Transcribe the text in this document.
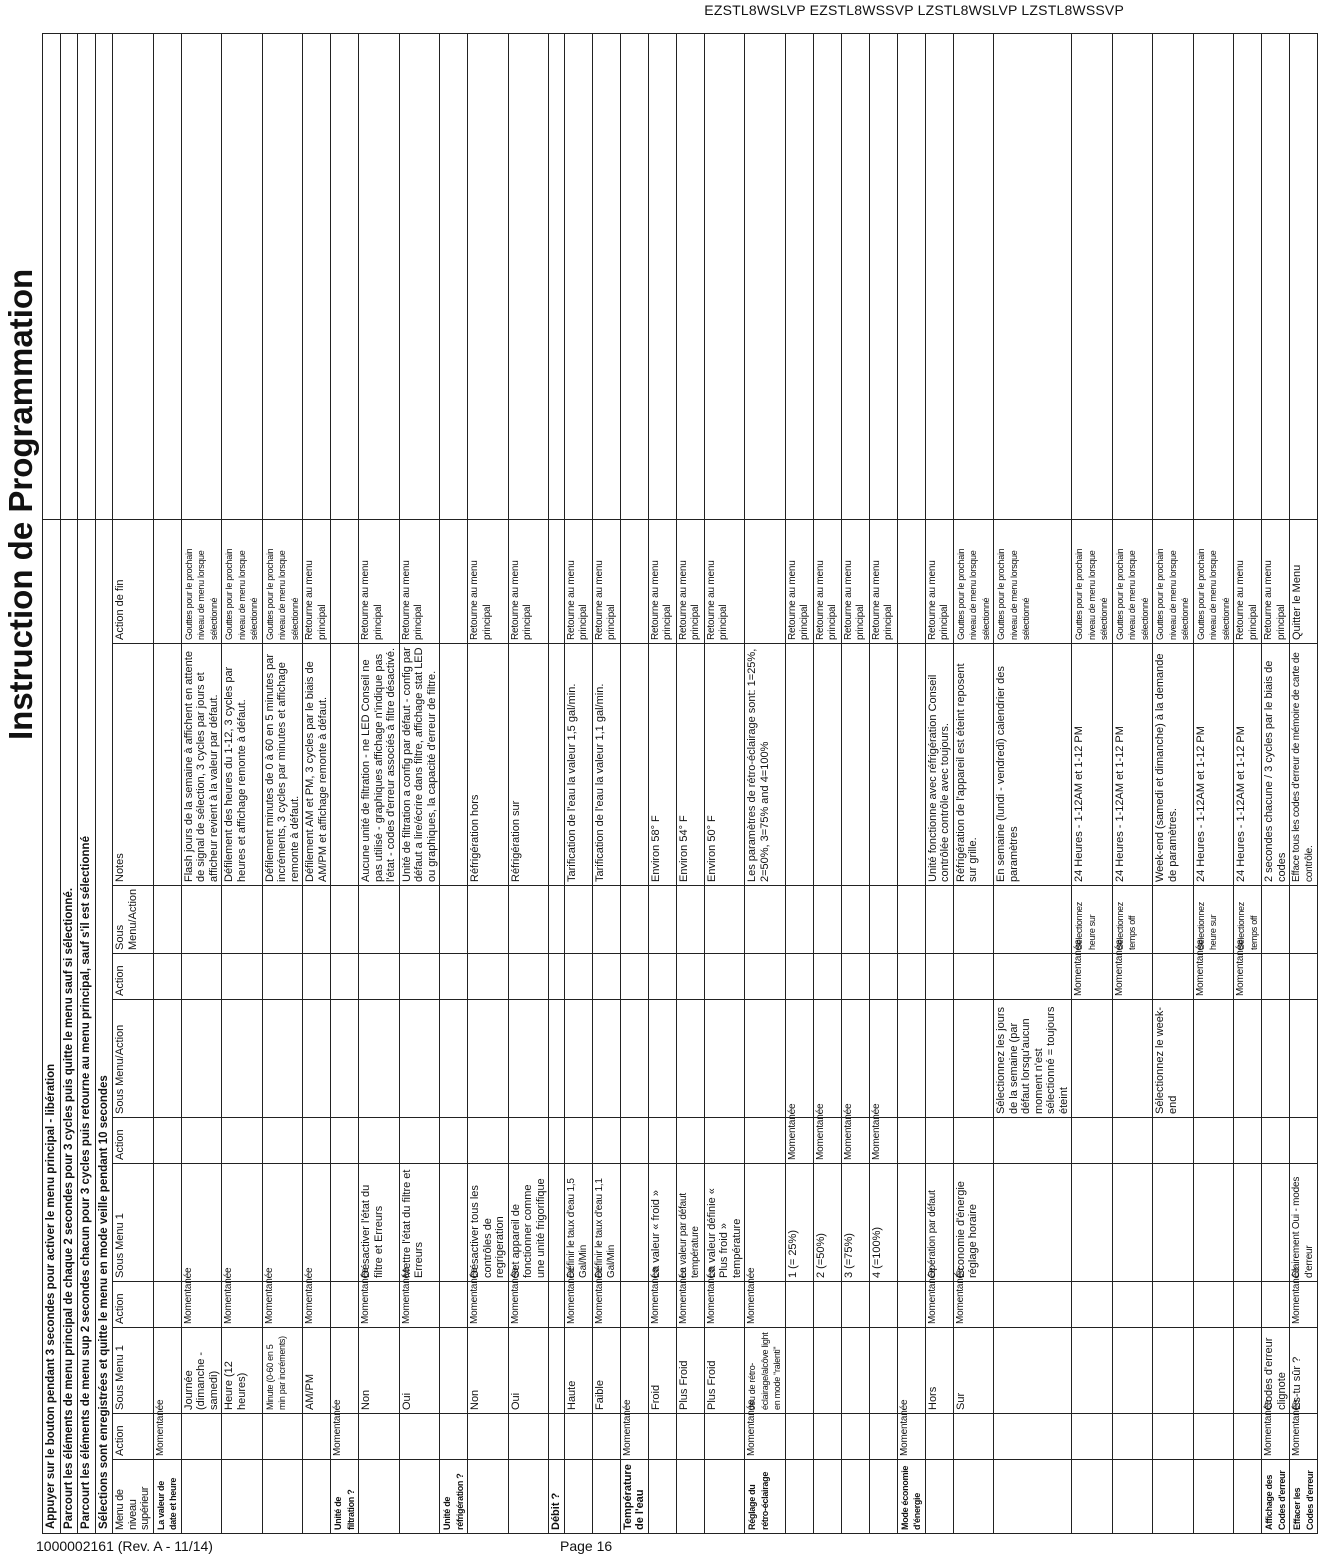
EZSTL8WSLVP EZSTL8WSSVP LZSTL8WSLVP LZSTL8WSSVP
Instruction de Programmation
Appuyer sur le bouton pendant 3 secondes pour activer le menu principal - libération											
Parcourt les éléments de menu principal de chaque 2 secondes pour 3 cycles puis quitte le menu sauf si sélectionné.											
Parcourt les éléments de menu sup 2 secondes chacun pour 3 cycles puis retourne au menu principal, sauf s'il est sélectionné											
Sélections sont enregistrées et quitte le menu en mode veille pendant 10 secondes											
Menu de niveau supérieur	Action	Sous Menu 1	Action	Sous Menu 1	Action	Sous Menu/Action	Action	Sous Menu/Action	Notes	Action de fin	
La valeur de date et heure	Momentanée										
		Journée (dimanche - samedi)	Momentanée						Flash jours de la semaine à affichent en attente de signal de sélection, 3 cycles par jours et afficheur revient à la valeur par défaut.	Gouttes pour le prochain niveau de menu lorsque sélectionné	
		Heure (12 heures)	Momentanée						Défilement des heures du 1-12, 3 cycles par heures et affichage remonte à défaut.	Gouttes pour le prochain niveau de menu lorsque sélectionné	
		Minute (0-60 en 5 min par incréments)	Momentanée						Défilement minutes de 0 à 60 en 5 minutes par incréments, 3 cycles par minutes et affichage remonte à défaut.	Gouttes pour le prochain niveau de menu lorsque sélectionné	
		AM/PM	Momentanée						Défilement AM et PM, 3 cycles par le biais de AM/PM et affichage remonte à défaut.	Retourne au menu principal	
Unité de filtration ?	Momentanée										
		Non	Momentanée	Désactiver l'état du filtre et Erreurs					Aucune unité de filtration - ne LED Conseil ne pas utilisé - graphiques affichage n'indique pas l'état - codes d'erreur associés à filtre désactivé.	Retourne au menu principal	
		Oui	Momentanée	Mettre l'état du filtre et Erreurs					Unité de filtration a config par défaut - config par défaut a lire/écrire dans filtre, affichage stat LED ou graphiques, la capacité d'erreur de filtre.	Retourne au menu principal	
Unité de réfrigération ?											
		Non	Momentanée	Désactiver tous les contrôles de regrigeration					Réfrigération hors	Retourne au menu principal	
		Oui	Momentanée	Set appareil de fonctionner comme une unité frigorifique					Réfrigération sur	Retourne au menu principal	
Débit ?											
		Haute	Momentanée	Définir le taux d'eau 1,5 Gal/Min					Tarification de l'eau la valeur 1,5 gal/min.	Retourne au menu principal	
		Faible	Momentanée	Définir le taux d'eau 1,1 Gal/Min					Tarification de l'eau la valeur 1,1 gal/min.	Retourne au menu principal	
Température de l'eau	Momentanée										
		Froid	Momentanée	La valeur « froid »					Environ 58° F	Retourne au menu principal	
		Plus Froid	Momentanée	La valeur par défaut température					Environ 54° F	Retourne au menu principal	
		Plus Froid	Momentanée	La valeur définie « Plus froid » température					Environ 50° F	Retourne au menu principal	
Réglage du rétro-éclairage	Momentanée	Jeu de rétro-éclairage/alcôve light en mode "ralenti"	Momentanée						Les paramètres de rétro-éclairage sont: 1=25%, 2=50%, 3=75% and 4=100%		
				1 (= 25%)	Momentanée					Retourne au menu principal	
				2 (=50%)	Momentanée					Retourne au menu principal	
				3 (=75%)	Momentanée					Retourne au menu principal	
				4 (=100%)	Momentanée					Retourne au menu principal	
Mode économie d'énergie	Momentanée										
		Hors	Momentanée	Opération par défaut					Unité fonctionne avec réfrigération Conseil contrôlée contrôle avec toujours.	Retourne au menu principal	
		Sur	Momentanée	Économie d'énergie réglage horaire					Réfrigération de l'appareil est éteint reposent sur grille.	Gouttes pour le prochain niveau de menu lorsque sélectionné	
						Sélectionnez les jours de la semaine (par défaut lorsqu'aucun moment n'est sélectionné = toujours éteint			En semaine (lundi - vendredi) calendrier des paramètres	Gouttes pour le prochain niveau de menu lorsque sélectionné	
							Momentanée	Sélectionnez heure sur	24 Heures - 1-12AM et 1-12 PM	Gouttes pour le prochain niveau de menu lorsque sélectionné	
							Momentanée	Sélectionnez temps off	24 Heures - 1-12AM et 1-12 PM	Gouttes pour le prochain niveau de menu lorsque sélectionné	
						Sélectionnez le week-end			Week-end (samedi et dimanche) à la demande de paramètres.	Gouttes pour le prochain niveau de menu lorsque sélectionné	
							Momentanée	Sélectionnez heure sur	24 Heures - 1-12AM et 1-12 PM	Gouttes pour le prochain niveau de menu lorsque sélectionné	
							Momentanée	Sélectionnez temps off	24 Heures - 1-12AM et 1-12 PM	Retourne au menu principal	
Affichage des Codes d'erreur	Momentanée	Codes d'erreur clignote							2 secondes chacune / 3 cycles par le biais de codes	Retourne au menu principal	
Effacer les Codes d'erreur	Momentanée	Es-tu sûr ?	Momentanée	Clairement Oui - modes d'erreur					Efface tous les codes d'erreur de mémoire de carte de contrôle.	Quitter le Menu	
1000002161 (Rev. A - 11/14)	Page 16
